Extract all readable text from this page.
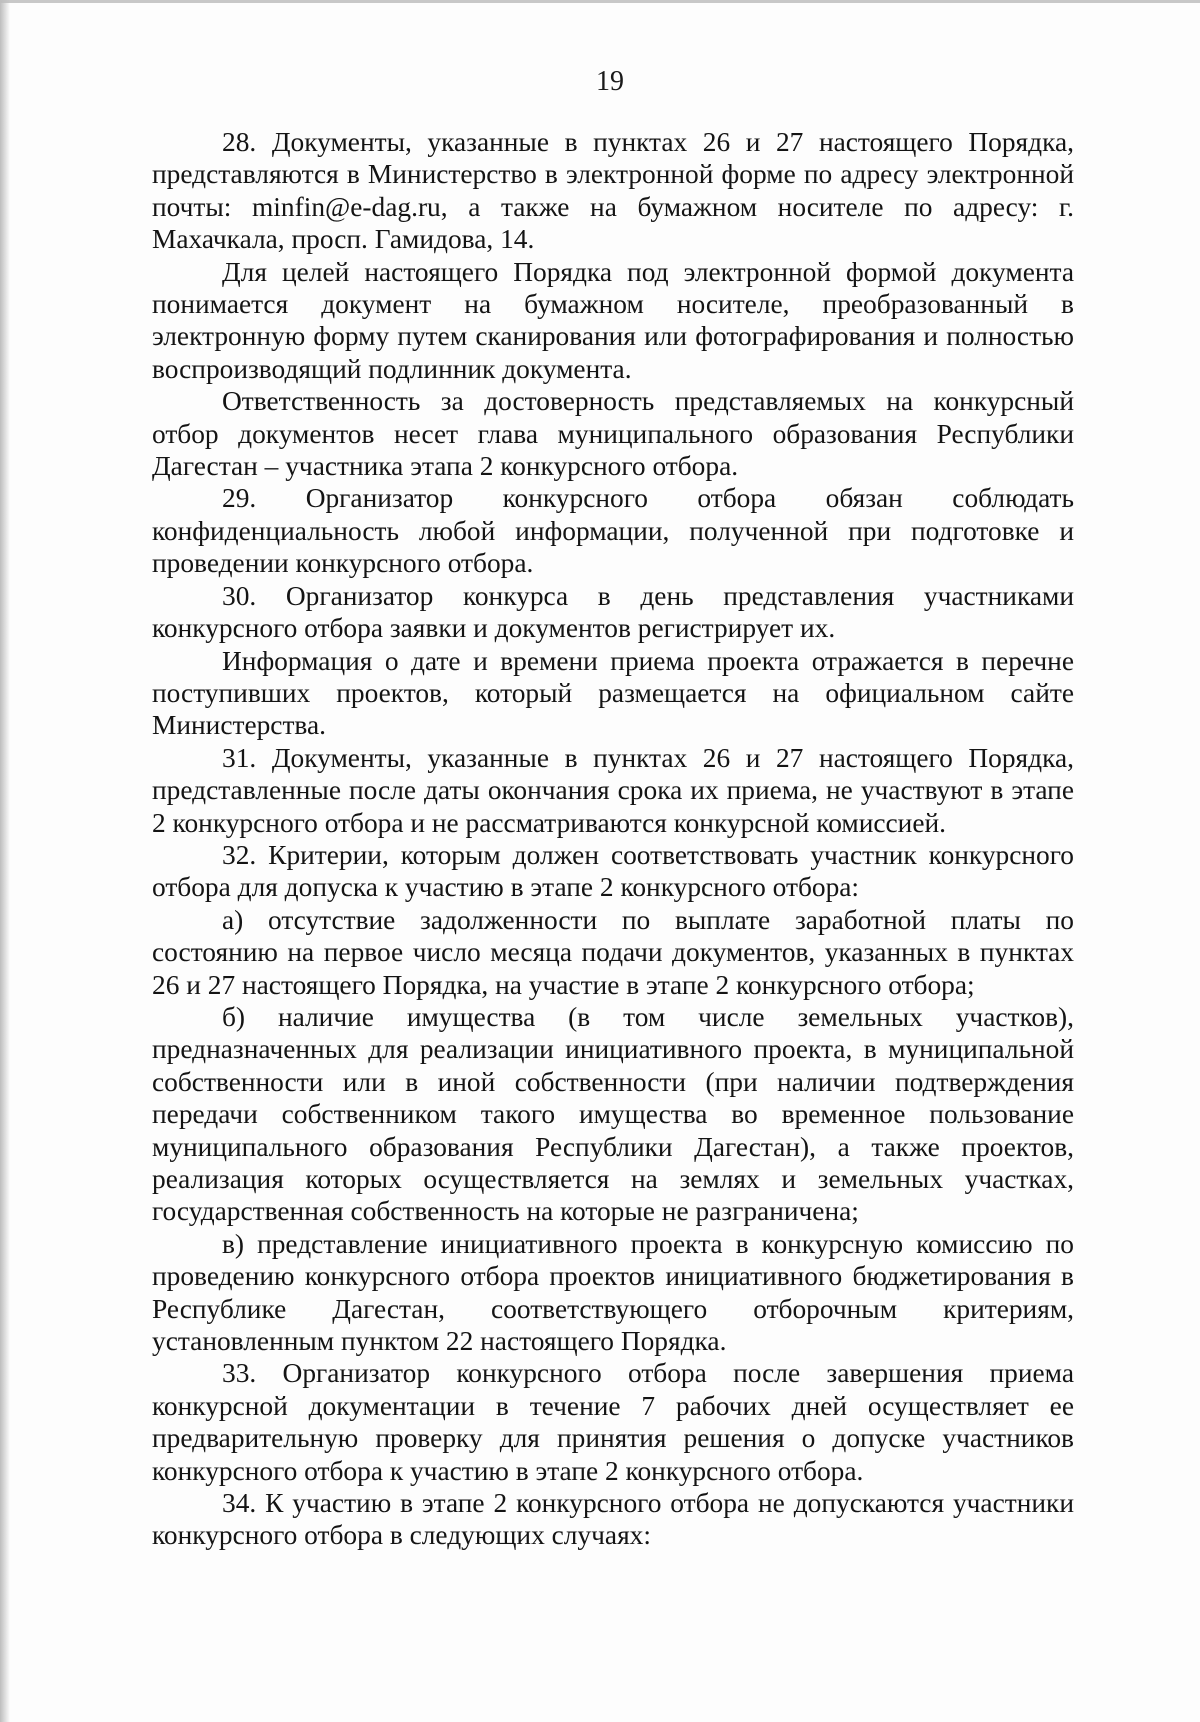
19

28. Документы, указанные в пунктах 26 и 27 настоящего Порядка, представляются в Министерство в электронной форме по адресу электронной почты: minfin@e-dag.ru, а также на бумажном носителе по адресу: г. Махачкала, просп. Гамидова, 14.

Для целей настоящего Порядка под электронной формой документа понимается документ на бумажном носителе, преобразованный в электронную форму путем сканирования или фотографирования и полностью воспроизводящий подлинник документа.

Ответственность за достоверность представляемых на конкурсный отбор документов несет глава муниципального образования Республики Дагестан – участника этапа 2 конкурсного отбора.

29. Организатор конкурсного отбора обязан соблюдать конфиденциальность любой информации, полученной при подготовке и проведении конкурсного отбора.

30. Организатор конкурса в день представления участниками конкурсного отбора заявки и документов регистрирует их.

Информация о дате и времени приема проекта отражается в перечне поступивших проектов, который размещается на официальном сайте Министерства.

31. Документы, указанные в пунктах 26 и 27 настоящего Порядка, представленные после даты окончания срока их приема, не участвуют в этапе 2 конкурсного отбора и не рассматриваются конкурсной комиссией.

32. Критерии, которым должен соответствовать участник конкурсного отбора для допуска к участию в этапе 2 конкурсного отбора:

а) отсутствие задолженности по выплате заработной платы по состоянию на первое число месяца подачи документов, указанных в пунктах 26 и 27 настоящего Порядка, на участие в этапе 2 конкурсного отбора;

б) наличие имущества (в том числе земельных участков), предназначенных для реализации инициативного проекта, в муниципальной собственности или в иной собственности (при наличии подтверждения передачи собственником такого имущества во временное пользование муниципального образования Республики Дагестан), а также проектов, реализация которых осуществляется на землях и земельных участках, государственная собственность на которые не разграничена;

в) представление инициативного проекта в конкурсную комиссию по проведению конкурсного отбора проектов инициативного бюджетирования в Республике Дагестан, соответствующего отборочным критериям, установленным пунктом 22 настоящего Порядка.

33. Организатор конкурсного отбора после завершения приема конкурсной документации в течение 7 рабочих дней осуществляет ее предварительную проверку для принятия решения о допуске участников конкурсного отбора к участию в этапе 2 конкурсного отбора.

34. К участию в этапе 2 конкурсного отбора не допускаются участники конкурсного отбора в следующих случаях:
